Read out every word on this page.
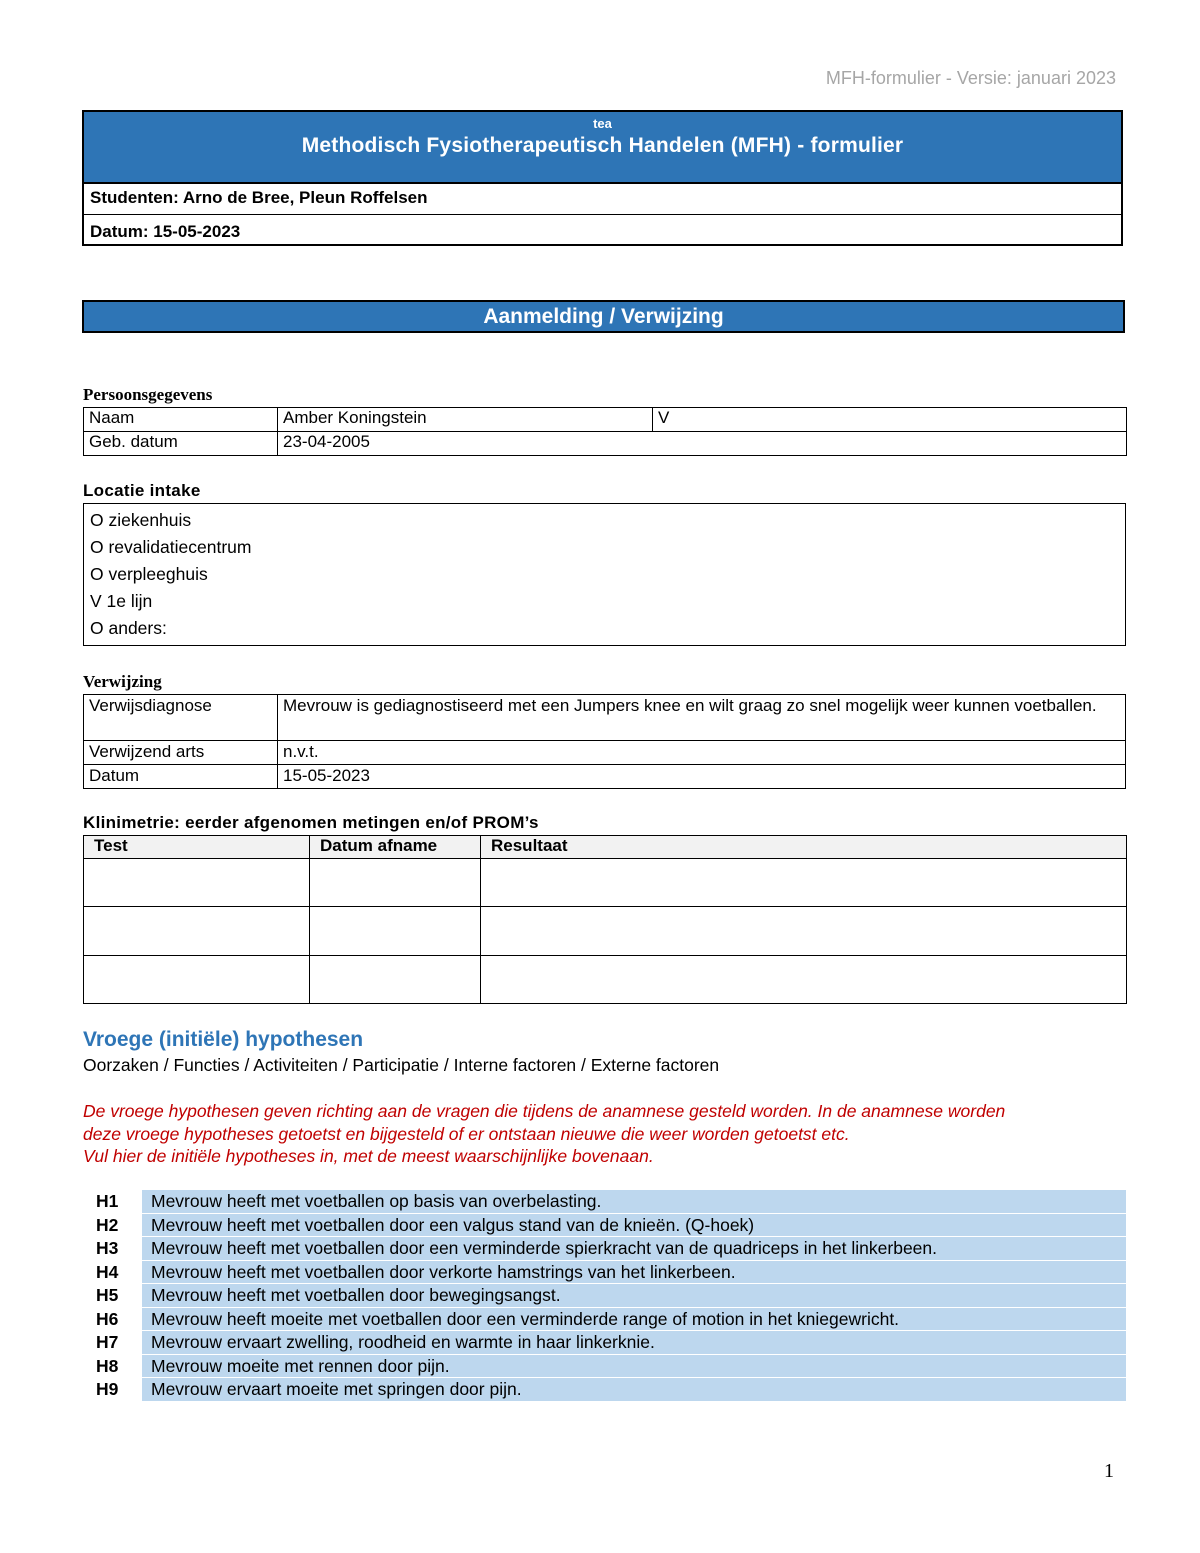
MFH-formulier - Versie: januari 2023
tea
Methodisch Fysiotherapeutisch Handelen (MFH) - formulier
Studenten: Arno de Bree, Pleun Roffelsen
Datum: 15-05-2023
Aanmelding / Verwijzing
Persoonsgegevens
Naam	Amber Koningstein	V
Geb. datum	23-04-2005	
Locatie intake
O ziekenhuis
O revalidatiecentrum
O verpleeghuis
V 1e lijn
O anders:
Verwijzing
Verwijsdiagnose	Mevrouw is gediagnostiseerd met een Jumpers knee en wilt graag zo snel mogelijk weer kunnen voetballen.
Verwijzend arts	n.v.t.
Datum	15-05-2023
Klinimetrie: eerder afgenomen metingen en/of PROM’s
Test	Datum afname	Resultaat

Vroege (initiële) hypothesen
Oorzaken / Functies / Activiteiten / Participatie / Interne factoren / Externe factoren
De vroege hypothesen geven richting aan de vragen die tijdens de anamnese gesteld worden. In de anamnese worden
deze vroege hypotheses getoetst en bijgesteld of er ontstaan nieuwe die weer worden getoetst etc.
Vul hier de initiële hypotheses in, met de meest waarschijnlijke bovenaan.
H1	Mevrouw heeft met voetballen op basis van overbelasting.
H2	Mevrouw heeft met voetballen door een valgus stand van de knieën. (Q-hoek)
H3	Mevrouw heeft met voetballen door een verminderde spierkracht van de quadriceps in het linkerbeen.
H4	Mevrouw heeft met voetballen door verkorte hamstrings van het linkerbeen.
H5	Mevrouw heeft met voetballen door bewegingsangst.
H6	Mevrouw heeft moeite met voetballen door een verminderde range of motion in het kniegewricht.
H7	Mevrouw ervaart zwelling, roodheid en warmte in haar linkerknie.
H8	Mevrouw moeite met rennen door pijn.
H9	Mevrouw ervaart moeite met springen door pijn.
1
